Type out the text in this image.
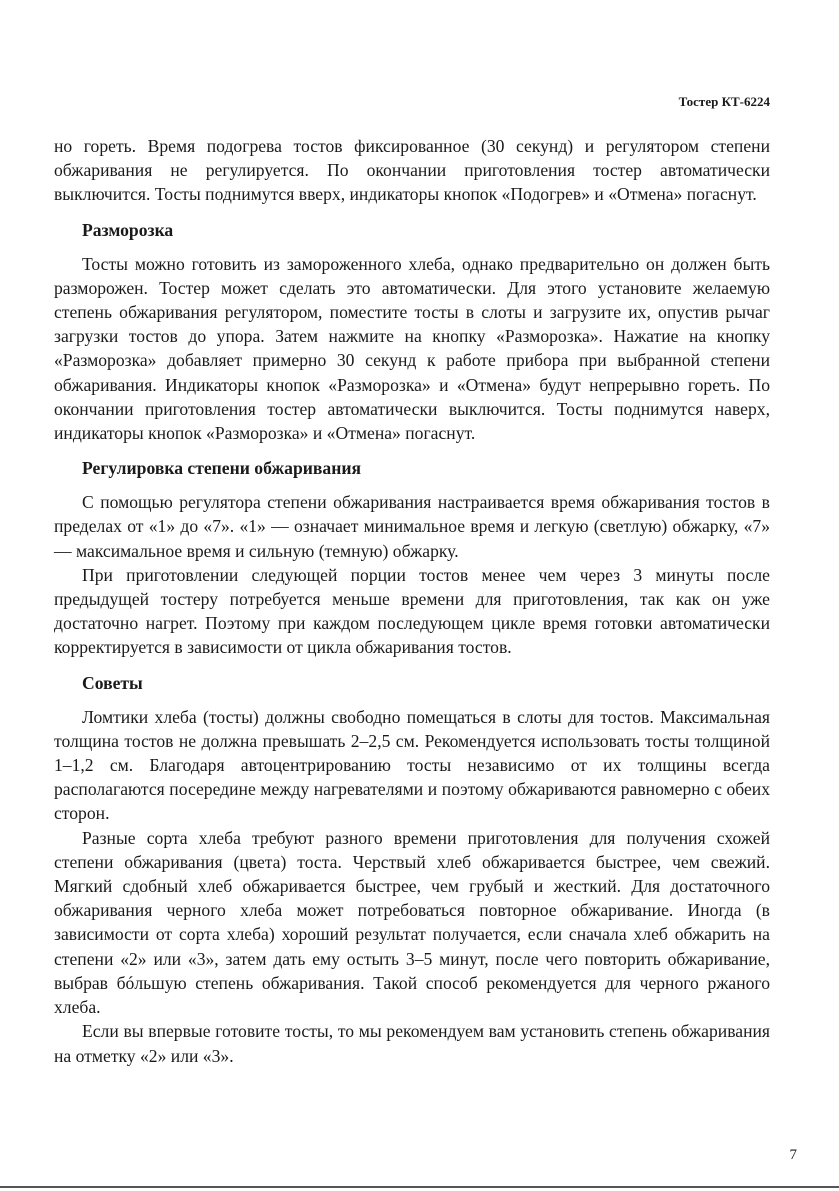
Тостер КТ-6224

но гореть. Время подогрева тостов фиксированное (30 секунд) и регулятором степени обжаривания не регулируется. По окончании приготовления тостер автоматически выключится. Тосты поднимутся вверх, индикаторы кнопок «Подогрев» и «Отмена» погаснут.

Разморозка

Тосты можно готовить из замороженного хлеба, однако предварительно он должен быть разморожен. Тостер может сделать это автоматически. Для этого установите желаемую степень обжаривания регулятором, поместите тосты в слоты и загрузите их, опустив рычаг загрузки тостов до упора. Затем нажмите на кнопку «Разморозка». Нажатие на кнопку «Разморозка» добавляет примерно 30 секунд к работе прибора при выбранной степени обжаривания. Индикаторы кнопок «Разморозка» и «Отмена» будут непрерывно гореть. По окончании приготовления тостер автоматически выключится. Тосты поднимутся наверх, индикаторы кнопок «Разморозка» и «Отмена» погаснут.

Регулировка степени обжаривания

С помощью регулятора степени обжаривания настраивается время обжаривания тостов в пределах от «1» до «7». «1» — означает минимальное время и легкую (светлую) обжарку, «7» — максимальное время и сильную (темную) обжарку.

При приготовлении следующей порции тостов менее чем через 3 минуты после предыдущей тостеру потребуется меньше времени для приготовления, так как он уже достаточно нагрет. Поэтому при каждом последующем цикле время готовки автоматически корректируется в зависимости от цикла обжаривания тостов.

Советы

Ломтики хлеба (тосты) должны свободно помещаться в слоты для тостов. Максимальная толщина тостов не должна превышать 2–2,5 см. Рекомендуется использовать тосты толщиной 1–1,2 см. Благодаря автоцентрированию тосты независимо от их толщины всегда располагаются посередине между нагревателями и поэтому обжариваются равномерно с обеих сторон.

Разные сорта хлеба требуют разного времени приготовления для получения схожей степени обжаривания (цвета) тоста. Черствый хлеб обжаривается быстрее, чем свежий. Мягкий сдобный хлеб обжаривается быстрее, чем грубый и жесткий. Для достаточного обжаривания черного хлеба может потребоваться повторное обжаривание. Иногда (в зависимости от сорта хлеба) хороший результат получается, если сначала хлеб обжарить на степени «2» или «3», затем дать ему остыть 3–5 минут, после чего повторить обжаривание, выбрав бóльшую степень обжаривания. Такой способ рекомендуется для черного ржаного хлеба.

Если вы впервые готовите тосты, то мы рекомендуем вам установить степень обжаривания на отметку «2» или «3».

7
